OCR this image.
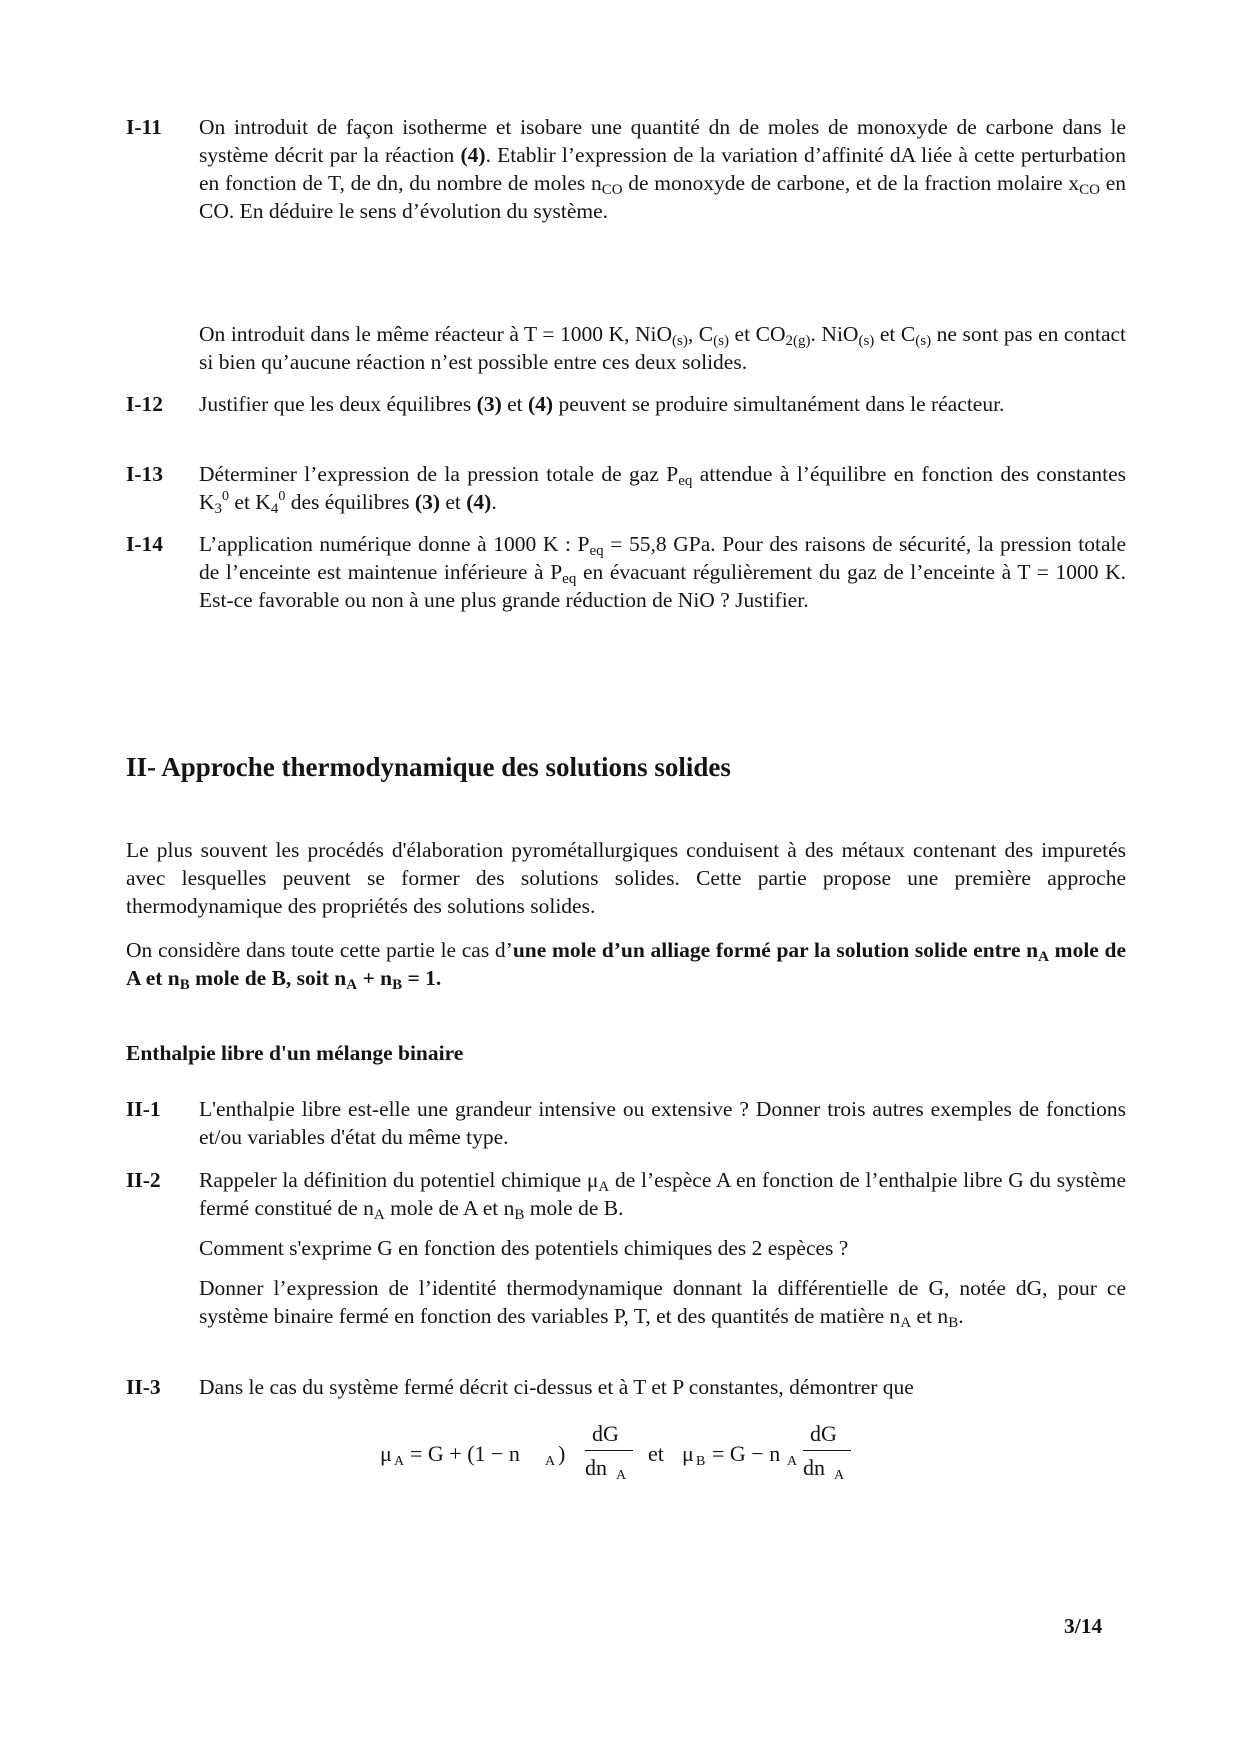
I-11	On introduit de façon isotherme et isobare une quantité dn de moles de monoxyde de carbone dans le système décrit par la réaction (4). Etablir l’expression de la variation d’affinité dA liée à cette perturbation en fonction de T, de dn, du nombre de moles $n_{CO}$ de monoxyde de carbone, et de la fraction molaire $x_{CO}$ en CO. En déduire le sens d’évolution du système.
On introduit dans le même réacteur à T = 1000 K, NiO$_{(s)}$, $C_{(s)}$ et $CO_{2(g)}$. NiO$_{(s)}$ et $C_{(s)}$ ne sont pas en contact si bien qu’aucune réaction n’est possible entre ces deux solides.
I-12	Justifier que les deux équilibres (3) et (4) peuvent se produire simultanément dans le réacteur.
I-13	Déterminer l’expression de la pression totale de gaz $P_{eq}$ attendue à l’équilibre en fonction des constantes $K_3^0$ et $K_4^0$ des équilibres (3) et (4).
I-14	L’application numérique donne à 1000 K : $P_{eq} = 55,8$ GPa. Pour des raisons de sécurité, la pression totale de l’enceinte est maintenue inférieure à $P_{eq}$ en évacuant régulièrement du gaz de l’enceinte à T = 1000 K. Est-ce favorable ou non à une plus grande réduction de NiO ? Justifier.
II- Approche thermodynamique des solutions solides
Le plus souvent les procédés d'élaboration pyrométallurgiques conduisent à des métaux contenant des impuretés avec lesquelles peuvent se former des solutions solides. Cette partie propose une première approche thermodynamique des propriétés des solutions solides.
On considère dans toute cette partie le cas d’une mole d’un alliage formé par la solution solide entre $n_A$ mole de A et $n_B$ mole de B, soit $n_A + n_B = 1$.
Enthalpie libre d'un mélange binaire
II-1	L'enthalpie libre est-elle une grandeur intensive ou extensive ? Donner trois autres exemples de fonctions et/ou variables d'état du même type.
II-2	Rappeler la définition du potentiel chimique $\mu_A$ de l’espèce A en fonction de l’enthalpie libre G du système fermé constitué de $n_A$ mole de A et $n_B$ mole de B.
Comment s'exprime G en fonction des potentiels chimiques des 2 espèces ?
Donner l’expression de l’identité thermodynamique donnant la différentielle de G, notée dG, pour ce système binaire fermé en fonction des variables P, T, et des quantités de matière $n_A$ et $n_B$.
II-3	Dans le cas du système fermé décrit ci-dessus et à T et P constantes, démontrer que
μ A = G + (1 − n A )
dG
dn A
et μ B = G − n A
dG
dn A
3/14
